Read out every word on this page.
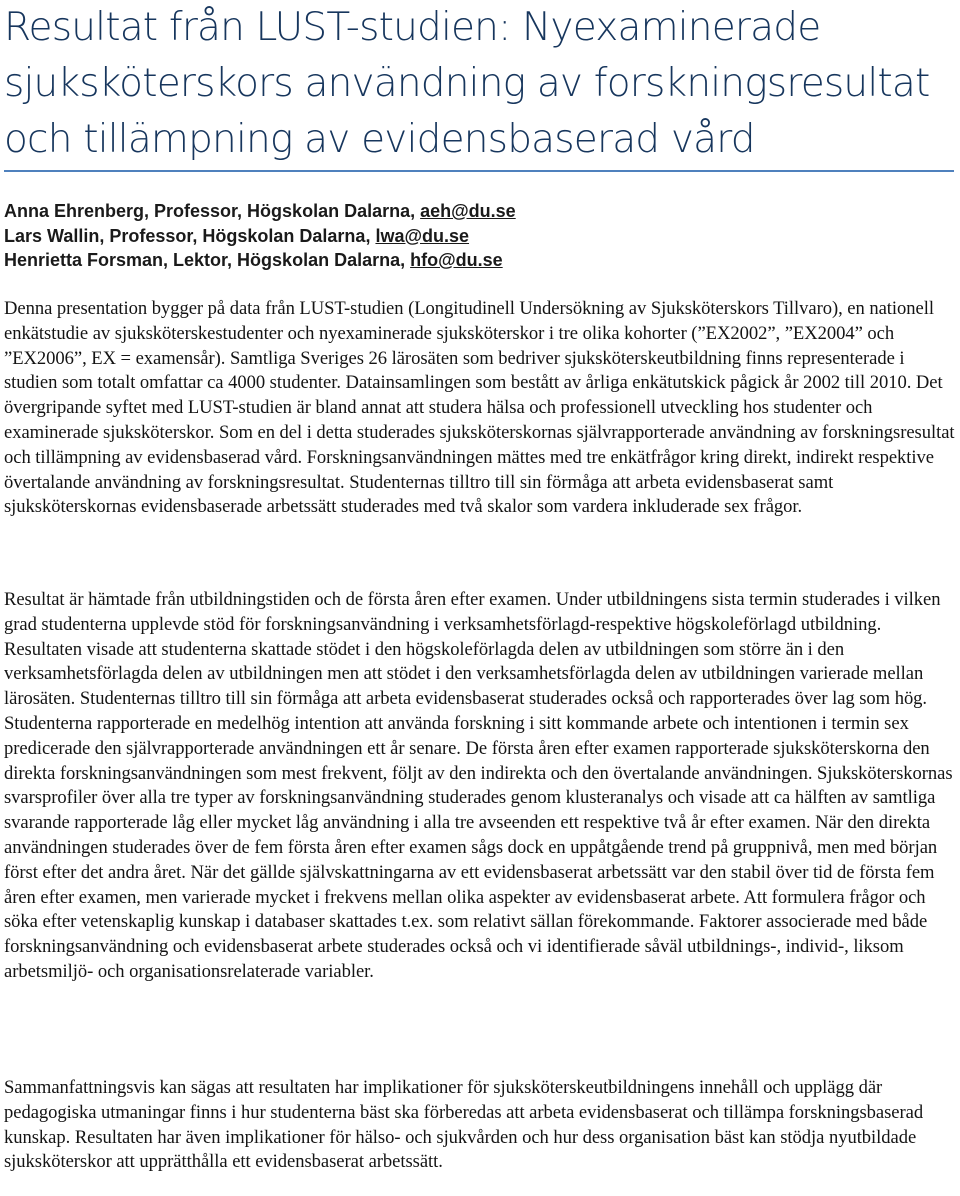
Resultat från LUST-studien: Nyexaminerade
sjuksköterskors användning av forskningsresultat
och tillämpning av evidensbaserad vård
Anna Ehrenberg, Professor, Högskolan Dalarna, aeh@du.se
Lars Wallin, Professor, Högskolan Dalarna, lwa@du.se
Henrietta Forsman, Lektor, Högskolan Dalarna, hfo@du.se

Denna presentation bygger på data från LUST-studien (Longitudinell Undersökning av Sjuksköterskors Tillvaro), en nationell enkätstudie av sjuksköterskestudenter och nyexaminerade sjuksköterskor i tre olika kohorter (”EX2002”, ”EX2004” och ”EX2006”, EX = examensår). Samtliga Sveriges 26 lärosäten som bedriver sjuksköterskeutbildning finns representerade i studien som totalt omfattar ca 4000 studenter. Datainsamlingen som bestått av årliga enkätutskick pågick år 2002 till 2010. Det övergripande syftet med LUST-studien är bland annat att studera hälsa och professionell utveckling hos studenter och examinerade sjuksköterskor. Som en del i detta studerades sjuksköterskornas självrapporterade användning av forskningsresultat och tillämpning av evidensbaserad vård. Forskningsanvändningen mättes med tre enkätfrågor kring direkt, indirekt respektive övertalande användning av forskningsresultat. Studenternas tilltro till sin förmåga att arbeta evidensbaserat samt sjuksköterskornas evidensbaserade arbetssätt studerades med två skalor som vardera inkluderade sex frågor.

Resultat är hämtade från utbildningstiden och de första åren efter examen. Under utbildningens sista termin studerades i vilken grad studenterna upplevde stöd för forskningsanvändning i verksamhetsförlagd-respektive högskoleförlagd utbildning. Resultaten visade att studenterna skattade stödet i den högskoleförlagda delen av utbildningen som större än i den verksamhetsförlagda delen av utbildningen men att stödet i den verksamhetsförlagda delen av utbildningen varierade mellan lärosäten. Studenternas tilltro till sin förmåga att arbeta evidensbaserat studerades också och rapporterades över lag som hög. Studenterna rapporterade en medelhög intention att använda forskning i sitt kommande arbete och intentionen i termin sex predicerade den självrapporterade användningen ett år senare. De första åren efter examen rapporterade sjuksköterskorna den direkta forskningsanvändningen som mest frekvent, följt av den indirekta och den övertalande användningen. Sjuksköterskornas svarsprofiler över alla tre typer av forskningsanvändning studerades genom klusteranalys och visade att ca hälften av samtliga svarande rapporterade låg eller mycket låg användning i alla tre avseenden ett respektive två år efter examen. När den direkta användningen studerades över de fem första åren efter examen sågs dock en uppåtgående trend på gruppnivå, men med början först efter det andra året. När det gällde självskattningarna av ett evidensbaserat arbetssätt var den stabil över tid de första fem åren efter examen, men varierade mycket i frekvens mellan olika aspekter av evidensbaserat arbete. Att formulera frågor och söka efter vetenskaplig kunskap i databaser skattades t.ex. som relativt sällan förekommande. Faktorer associerade med både forskningsanvändning och evidensbaserat arbete studerades också och vi identifierade såväl utbildnings-, individ-, liksom arbetsmiljö- och organisationsrelaterade variabler.

Sammanfattningsvis kan sägas att resultaten har implikationer för sjuksköterskeutbildningens innehåll och upplägg där pedagogiska utmaningar finns i hur studenterna bäst ska förberedas att arbeta evidensbaserat och tillämpa forskningsbaserad kunskap. Resultaten har även implikationer för hälso- och sjukvården och hur dess organisation bäst kan stödja nyutbildade sjuksköterskor att upprätthålla ett evidensbaserat arbetssätt.
